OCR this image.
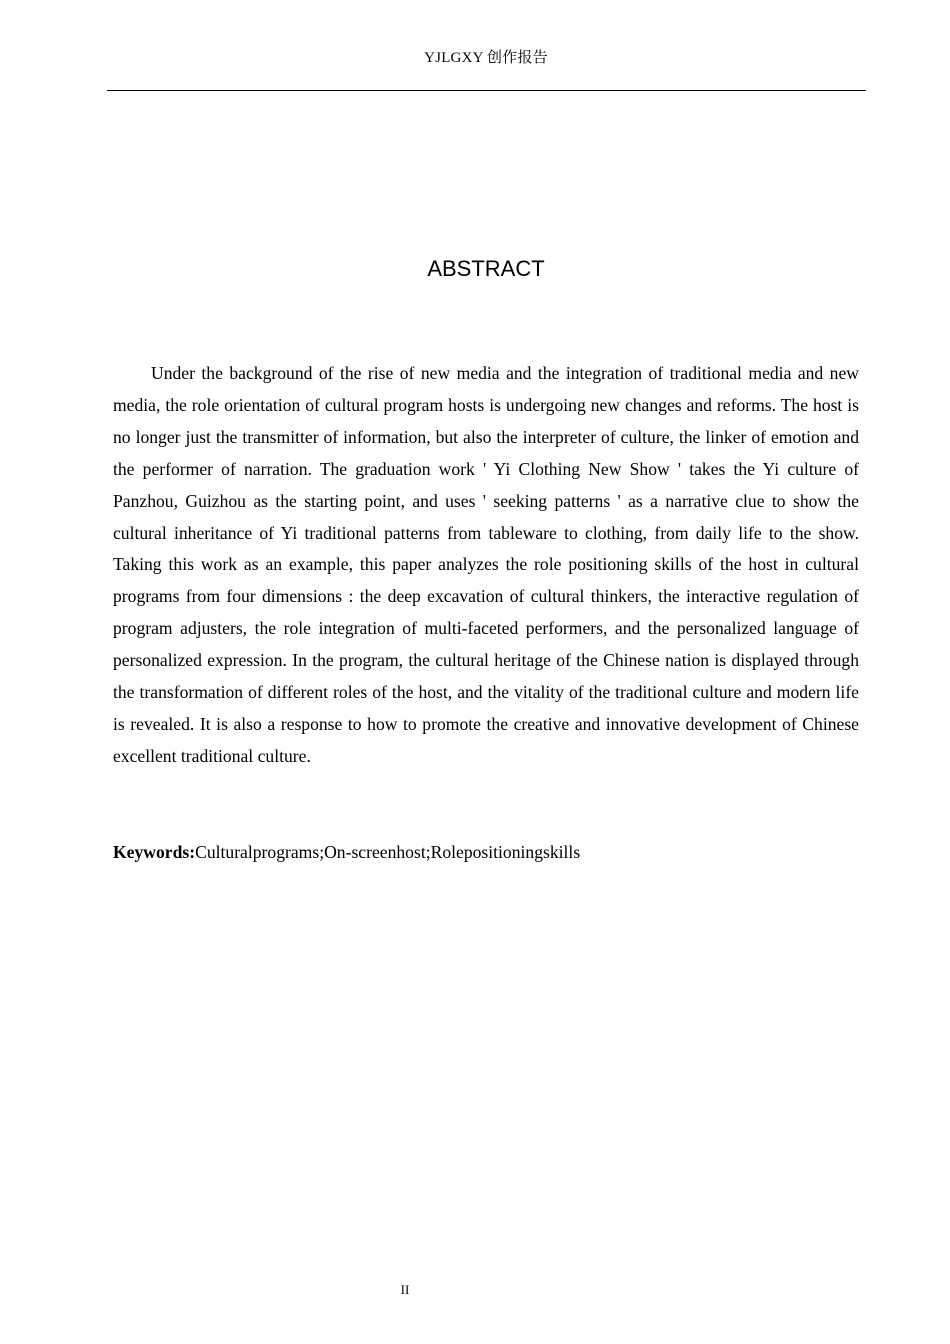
YJLGXY 创作报告
ABSTRACT

Under the background of the rise of new media and the integration of traditional media and new media, the role orientation of cultural program hosts is undergoing new changes and reforms. The host is no longer just the transmitter of information, but also the interpreter of culture, the linker of emotion and the performer of narration. The graduation work ' Yi Clothing New Show ' takes the Yi culture of Panzhou, Guizhou as the starting point, and uses ' seeking patterns ' as a narrative clue to show the cultural inheritance of Yi traditional patterns from tableware to clothing, from daily life to the show. Taking this work as an example, this paper analyzes the role positioning skills of the host in cultural programs from four dimensions : the deep excavation of cultural thinkers, the interactive regulation of program adjusters, the role integration of multi-faceted performers, and the personalized language of personalized expression. In the program, the cultural heritage of the Chinese nation is displayed through the transformation of different roles of the host, and the vitality of the traditional culture and modern life is revealed. It is also a response to how to promote the creative and innovative development of Chinese excellent traditional culture.

Keywords:Culturalprograms;On-screenhost;Rolepositioningskills

II
